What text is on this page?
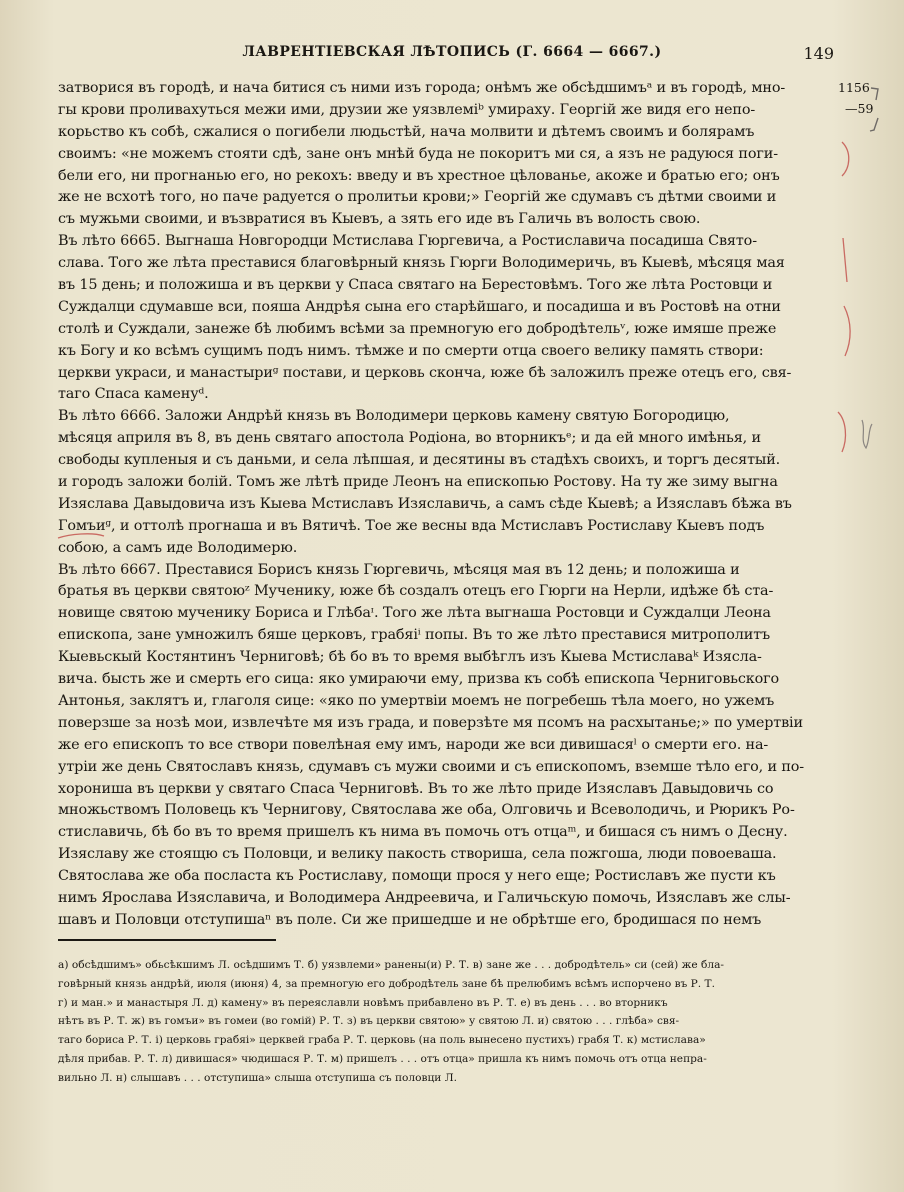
ЛАВРЕНТІЕВСКАЯ ЛѢТОПИСЬ (Г. 6664 — 6667.)	149
1156
—59
затворися въ городѣ, и нача битися съ ними изъ города; онѣмъ же обсѣдшимъᵃ и въ городѣ, мно-
гы крови проливахуться межи ими, друзии же уязвлеміᵇ умираху. Георгій же видя его непо-
корьство къ собѣ, сжалися о погибели людьстѣй, нача молвити и дѣтемъ своимъ и болярамъ
своимъ: «не можемъ стояти сдѣ, зане онъ мнѣй буда не покоритъ ми ся, а язъ не радуюся поги-
бели его, ни прогнанью его, но рекохъ: введу и въ хрестное цѣлованье, акоже и братью его; онъ
же не всхотѣ того, но паче радуется о пролитьи крови;» Георгій же сдумавъ съ дѣтми своими и
съ мужьми своими, и възвратися въ Кыевъ, а зять его иде въ Галичь въ волость свою.
Въ лѣто 6665. Выгнаша Новгородци Мстислава Гюргевича, а Ростиславича посадиша Свято-
слава. Того же лѣта преставися благовѣрный князь Гюрги Володимеричь, въ Кыевѣ, мѣсяця мая
въ 15 день; и положиша и въ церкви у Спаса святаго на Берестовѣмъ. Того же лѣта Ростовци и
Суждалци сдумавше вси, пояша Андрѣя сына его старѣйшаго, и посадиша и въ Ростовѣ на отни
столѣ и Суждали, занеже бѣ любимъ всѣми за премногую его добродѣтельᵛ, юже имяше преже
къ Богу и ко всѣмъ сущимъ подъ нимъ. тѣмже и по смерти отца своего велику память створи:
церкви украси, и манастыриᵍ постави, и церковь скончa, юже бѣ заложилъ преже отецъ его, свя-
таго Спаса каменуᵈ.
Въ лѣто 6666. Заложи Андрѣй князь въ Володимери церковь камену святую Богородицю,
мѣсяця априля въ 8, въ день святаго апостола Родіона, во вторникъᵉ; и да ей много имѣнья, и
свободы купленыя и съ даньми, и села лѣпшая, и десятины въ стадѣхъ своихъ, и торгъ десятый.
и городъ заложи болій. Томъ же лѣтѣ приде Леонъ на епископью Ростову. На ту же зиму выгна
Изяслава Давыдовича изъ Кыева Мстиславъ Изяславичь, а самъ сѣде Кыевѣ; а Изяславъ бѣжа въ
Гомъиᵍ, и оттолѣ прогнаша и въ Вятичѣ. Тое же весны вда Мстиславъ Ростиславу Кыевъ подъ
собою, а самъ иде Володимерю.
Въ лѣто 6667. Преставися Борисъ князь Гюргевичь, мѣсяця мая въ 12 день; и положиша и
братья въ церкви святоюᶻ Мученику, юже бѣ создалъ отецъ его Гюрги на Нерли, идѣже бѣ ста-
новище святою мученику Бориса и Глѣбаᶦ. Того же лѣта выгнаша Ростовци и Суждалци Леона
епископа, зане умножилъ бяше церковъ, грабяіⁱ попы. Въ то же лѣто преставися митрополитъ
Кыевьскый Костянтинъ Черниговѣ; бѣ бо въ то время выбѣглъ изъ Кыева Мстиславаᵏ Изяслa-
вича. бысть же и смерть его сица: яко умираючи ему, призва къ собѣ епископа Черниговьского
Антонья, заклятъ и, глаголя сице: «яко по умертвіи моемъ не погребешь тѣла моего, но ужемъ
поверзше за нозѣ мои, извлечѣте мя изъ града, и поверзѣте мя псомъ на расхытанье;» по умертвіи
же его епископъ то все створи повелѣная ему имъ, народи же вси дивишасяˡ о смерти его. на-
утріи же день Святославъ князь, сдумавъ съ мужи своими и съ епископомъ, вземше тѣло его, и по-
хорониша въ церкви у святаго Спаса Черниговѣ. Въ то же лѣто приде Изяславъ Давыдовичь со
множьствомъ Половець къ Чернигову, Святослава же оба, Олговичь и Всеволодичь, и Рюрикъ Ро-
стиславичь, бѣ бо въ то время пришелъ къ нима въ помочь отъ отцаᵐ, и бишася съ нимъ о Десну.
Изяславу же стоящю съ Половци, и велику пакость створиша, села пожгоша, люди повоеваша.
Святослава же оба посласта къ Ростиславу, помощи прося у него еще; Ростиславъ же пусти къ
нимъ Ярослава Изяславича, и Володимера Андреевича, и Галичьскую помочь, Изяславъ же слы-
шавъ и Половци отступишаⁿ въ поле. Си же пришедше и не обрѣтше его, бродишася по немъ
а) обсѣдшимъ» обьсѣкшимъ Л. осѣдшимъ Т. б) уязвлеми» ранены(и) Р. Т. в) зане же . . . добродѣтель» си (сей) же бла-
говѣрный князь андрѣй, июля (июня) 4, за премногую его добродѣтель зане бѣ прелюбимъ всѣмъ испорчено въ Р. Т.
г) и ман.» и манастыря Л. д) камену» въ переяславли новѣмъ прибавлено въ Р. Т. е) въ день . . . во вторникъ
нѣтъ въ Р. Т. ж) въ гомъи» въ гомеи (во гомій) Р. Т. з) въ церкви святою» у святою Л. и) святою . . . глѣба» свя-
таго бориса Р. Т. і) церковь грабяі» церквей граба Р. Т. церковь (на поль вынесено пустихъ) грабя Т. к) мстислава»
дѣля прибав. Р. Т. л) дивишася» чюдишася Р. Т. м) пришелъ . . . отъ отца» пришла къ нимъ помочь отъ отца непра-
вильно Л. н) слышавъ . . . отступиша» слыша отступиша съ половци Л.
